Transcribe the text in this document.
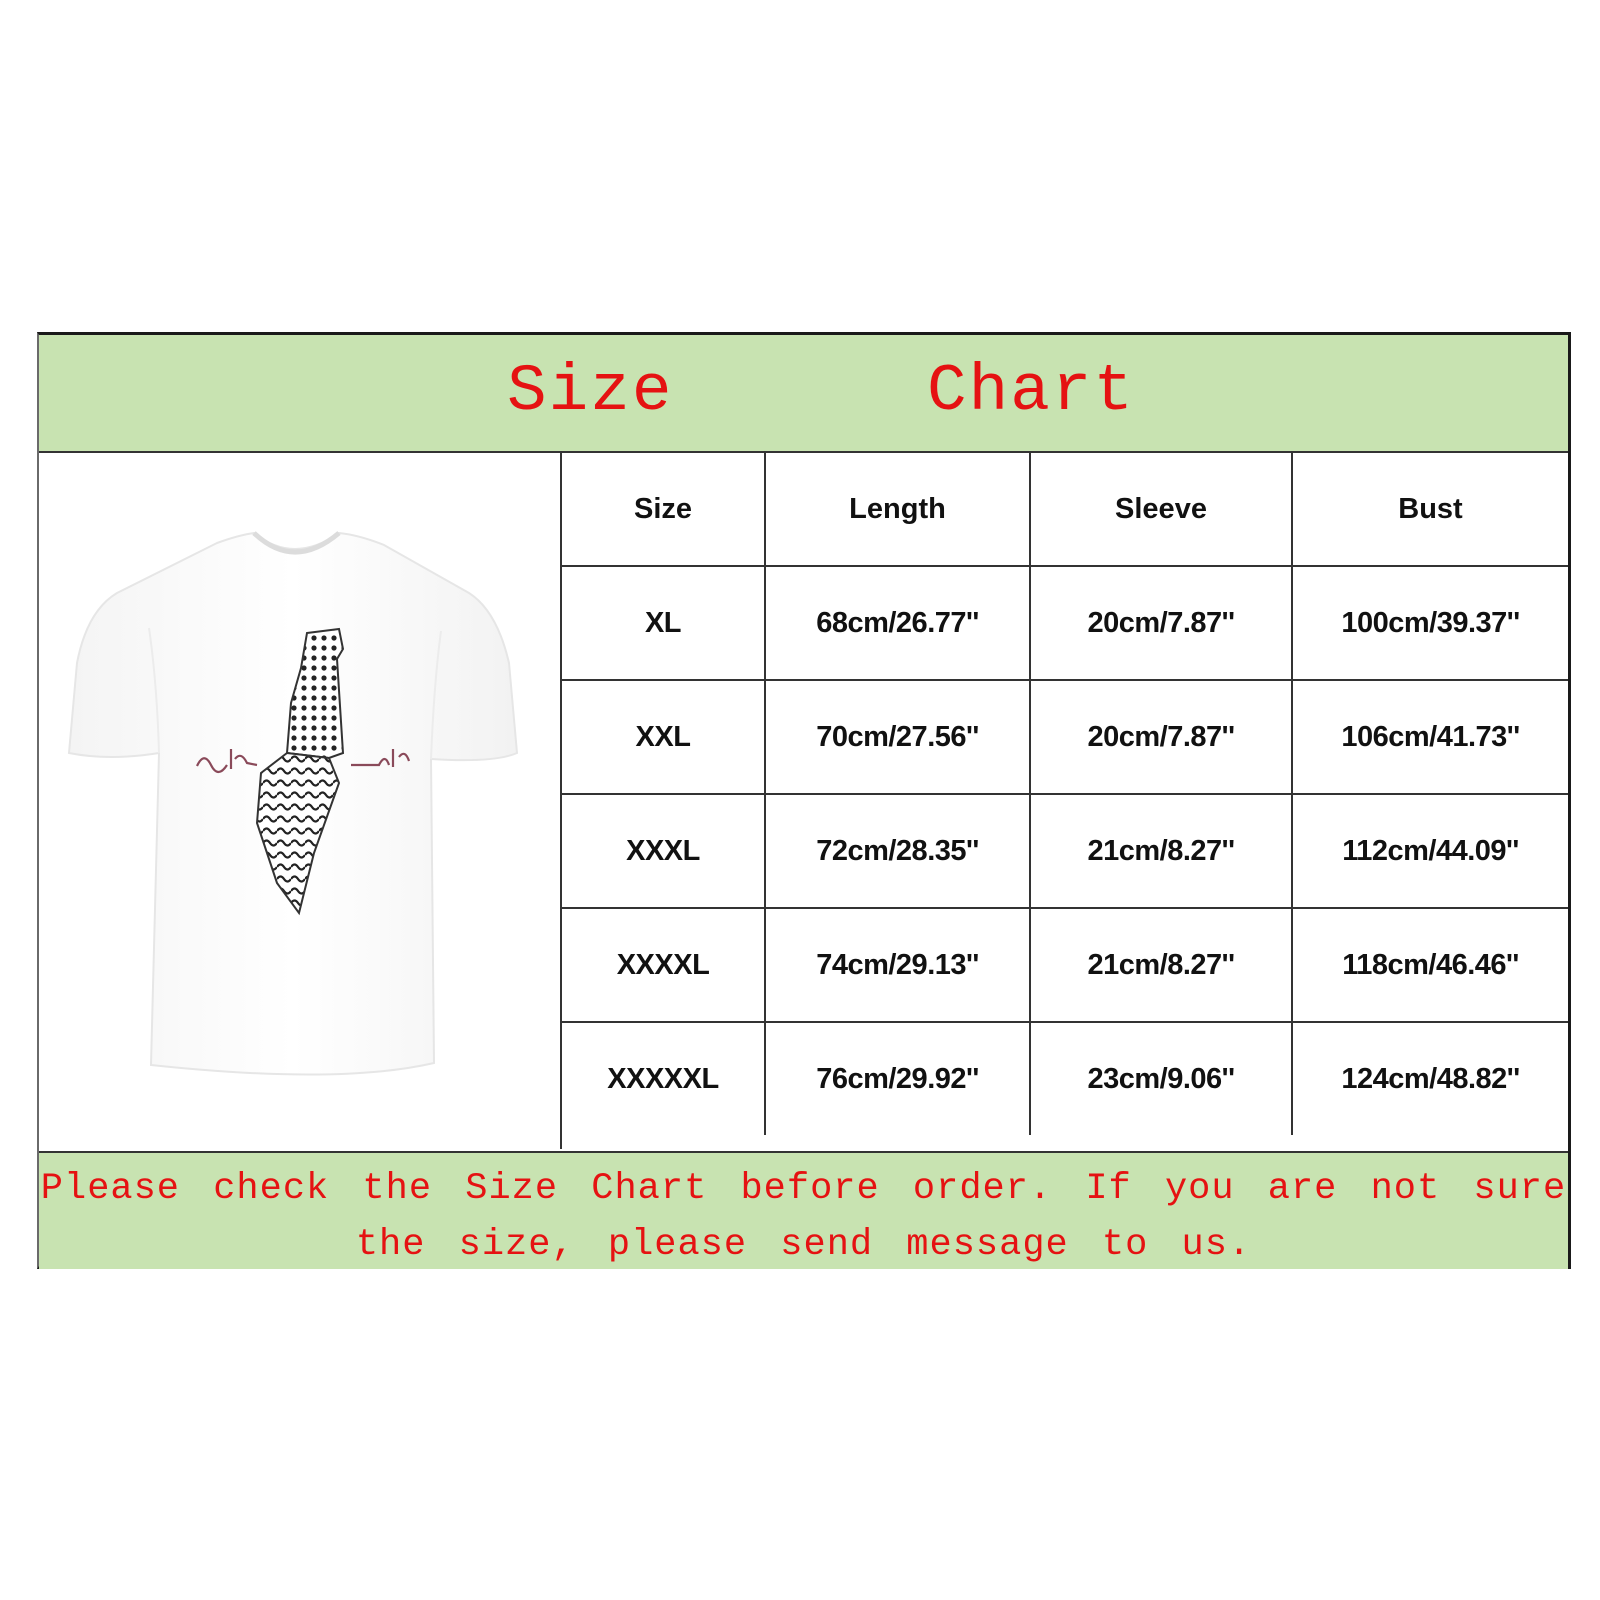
Size	Chart
Size	Length	Sleeve	Bust
XL	68cm/26.77''	20cm/7.87''	100cm/39.37''
XXL	70cm/27.56''	20cm/7.87''	106cm/41.73''
XXXL	72cm/28.35''	21cm/8.27''	112cm/44.09''
XXXXL	74cm/29.13''	21cm/8.27''	118cm/46.46''
XXXXXL	76cm/29.92''	23cm/9.06''	124cm/48.82''

Please check the Size Chart before order. If you are not sure
the size, please send message to us.
